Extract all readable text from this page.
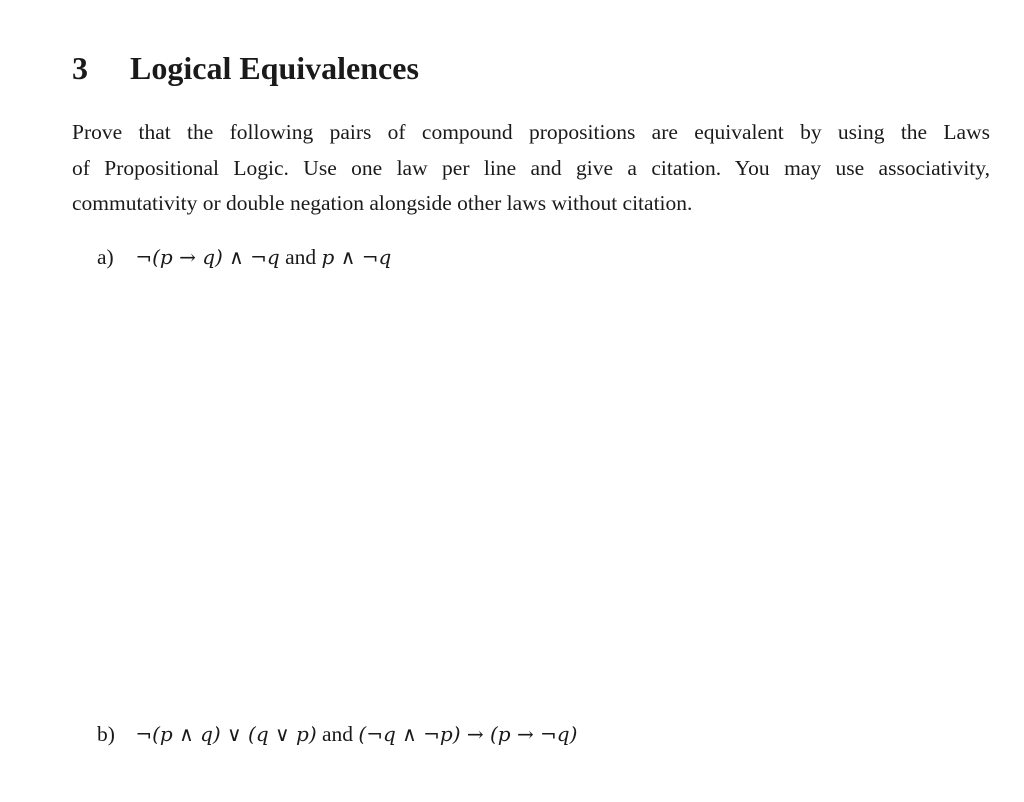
3 Logical Equivalences

Prove that the following pairs of compound propositions are equivalent by using the Laws
of Propositional Logic. Use one law per line and give a citation. You may use associativity,
commutativity or double negation alongside other laws without citation.

a) ¬(p → q) ∧ ¬q and p ∧ ¬q
b) ¬(p ∧ q) ∨ (q ∨ p) and (¬q ∧ ¬p) → (p → ¬q)
